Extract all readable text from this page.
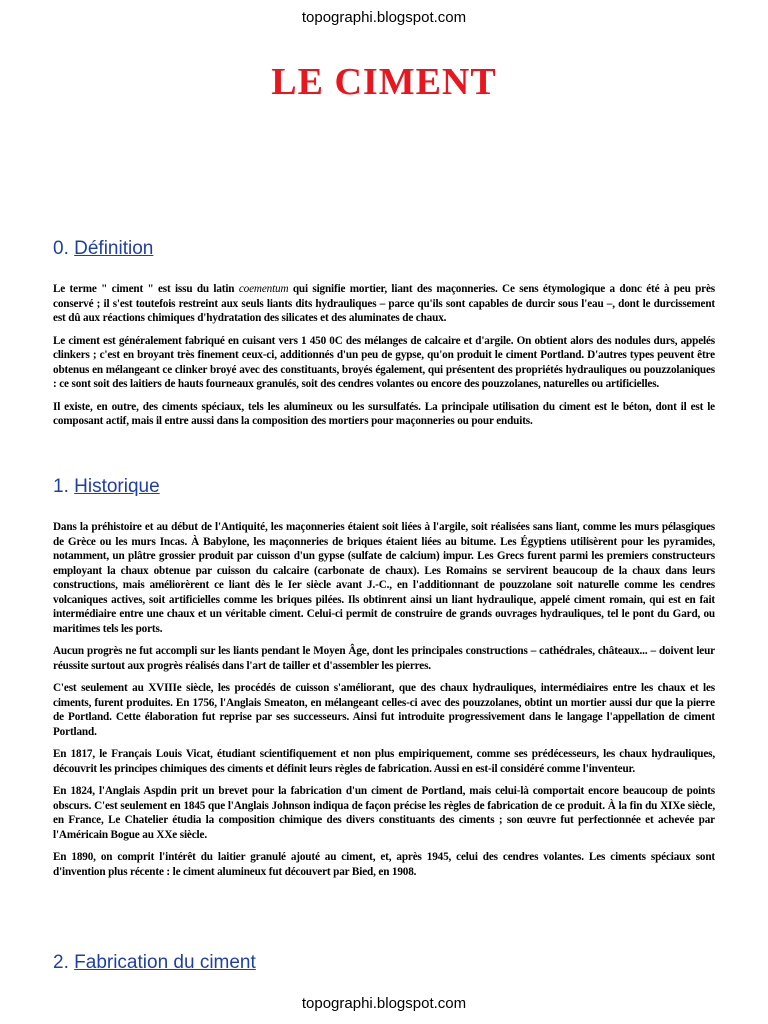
topographi.blogspot.com
LE CIMENT
0. Définition

Le terme " ciment " est issu du latin coementum qui signifie mortier, liant des maçonneries. Ce sens étymologique a donc été à peu près conservé ; il s'est toutefois restreint aux seuls liants dits hydrauliques – parce qu'ils sont capables de durcir sous l'eau –, dont le durcissement est dû aux réactions chimiques d'hydratation des silicates et des aluminates de chaux.

Le ciment est généralement fabriqué en cuisant vers 1 450 0C des mélanges de calcaire et d'argile. On obtient alors des nodules durs, appelés clinkers ; c'est en broyant très finement ceux-ci, additionnés d'un peu de gypse, qu'on produit le ciment Portland. D'autres types peuvent être obtenus en mélangeant ce clinker broyé avec des constituants, broyés également, qui présentent des propriétés hydrauliques ou pouzzolaniques : ce sont soit des laitiers de hauts fourneaux granulés, soit des cendres volantes ou encore des pouzzolanes, naturelles ou artificielles.

Il existe, en outre, des ciments spéciaux, tels les alumineux ou les sursulfatés. La principale utilisation du ciment est le béton, dont il est le composant actif, mais il entre aussi dans la composition des mortiers pour maçonneries ou pour enduits.

1. Historique

Dans la préhistoire et au début de l'Antiquité, les maçonneries étaient soit liées à l'argile, soit réalisées sans liant, comme les murs pélasgiques de Grèce ou les murs Incas. À Babylone, les maçonneries de briques étaient liées au bitume. Les Égyptiens utilisèrent pour les pyramides, notamment, un plâtre grossier produit par cuisson d'un gypse (sulfate de calcium) impur. Les Grecs furent parmi les premiers constructeurs employant la chaux obtenue par cuisson du calcaire (carbonate de chaux). Les Romains se servirent beaucoup de la chaux dans leurs constructions, mais améliorèrent ce liant dès le Ier siècle avant J.-C., en l'additionnant de pouzzolane soit naturelle comme les cendres volcaniques actives, soit artificielles comme les briques pilées. Ils obtinrent ainsi un liant hydraulique, appelé ciment romain, qui est en fait intermédiaire entre une chaux et un véritable ciment. Celui-ci permit de construire de grands ouvrages hydrauliques, tel le pont du Gard, ou maritimes tels les ports.

Aucun progrès ne fut accompli sur les liants pendant le Moyen Âge, dont les principales constructions – cathédrales, châteaux... – doivent leur réussite surtout aux progrès réalisés dans l'art de tailler et d'assembler les pierres.

C'est seulement au XVIIIe siècle, les procédés de cuisson s'améliorant, que des chaux hydrauliques, intermédiaires entre les chaux et les ciments, furent produites. En 1756, l'Anglais Smeaton, en mélangeant celles-ci avec des pouzzolanes, obtint un mortier aussi dur que la pierre de Portland. Cette élaboration fut reprise par ses successeurs. Ainsi fut introduite progressivement dans le langage l'appellation de ciment Portland.

En 1817, le Français Louis Vicat, étudiant scientifiquement et non plus empiriquement, comme ses prédécesseurs, les chaux hydrauliques, découvrit les principes chimiques des ciments et définit leurs règles de fabrication. Aussi en est-il considéré comme l'inventeur.

En 1824, l'Anglais Aspdin prit un brevet pour la fabrication d'un ciment de Portland, mais celui-là comportait encore beaucoup de points obscurs. C'est seulement en 1845 que l'Anglais Johnson indiqua de façon précise les règles de fabrication de ce produit. À la fin du XIXe siècle, en France, Le Chatelier étudia la composition chimique des divers constituants des ciments ; son œuvre fut perfectionnée et achevée par l'Américain Bogue au XXe siècle.

En 1890, on comprit l'intérêt du laitier granulé ajouté au ciment, et, après 1945, celui des cendres volantes. Les ciments spéciaux sont d'invention plus récente : le ciment alumineux fut découvert par Bied, en 1908.

2. Fabrication du ciment
topographi.blogspot.com
